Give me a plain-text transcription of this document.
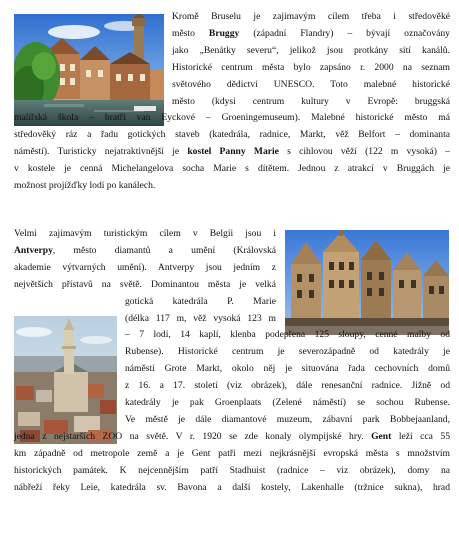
Kromě Bruselu je zajímavým cílem třeba i středověké
město Bruggy (západní Flandry) – bývají označovány
jako „Benátky severu“, jelikož jsou protkány sítí kanálů.
Historické centrum města bylo zapsáno r. 2000 na seznam
světového dědictví UNESCO. Toto malebné historické
město (kdysi centrum kultury v Evropě: bruggská
malířská škola – bratři van Eyckové – Groeningemuseum). Malebné historické město má
středověký ráz a řadu gotických staveb (katedrála, radnice, Markt, věž Belfort – dominanta
náměstí). Turisticky nejatraktivnější je kostel Panny Marie s cihlovou věží (122 m vysoká) –
v kostele je cenná Michelangelova socha Marie s dítětem. Jednou z atrakcí v Bruggách je
možnost projížďky lodí po kanálech.
Velmi zajímavým turistickým cílem v Belgii jsou i
Antverpy, město diamantů a umění (Královská
akademie výtvarných umění). Antverpy jsou jedním z
největších přístavů na světě. Dominantou města je velká
gotická katedrála P. Marie
(délka 117 m, věž vysoká 123 m
– 7 lodí, 14 kaplí, klenba podepřena 125 sloupy, cenné malby od
Rubense). Historické centrum je severozápadně od katedrály je
náměstí Grote Markt, okolo něj je situována řada cechovních domů
z 16. a 17. století (viz obrázek), dále renesanční radnice. Jižně od
katedrály je pak Groenplaats (Zelené náměstí) se sochou Rubense.
Ve městě je dále diamantové muzeum, zábavní park Bobbejaanland,
jedna z nejstarších ZOO na světě. V r. 1920 se zde konaly olympijské hry. Gent leží cca 55
km západně od metropole země a je Gent patří mezi nejkrásnější evropská města s množstvím
historických památek. K nejcennějším patří Stadhuist (radnice – viz obrázek), domy na
nábřeží řeky Leie, katedrála sv. Bavona a další kostely, Lakenhalle (tržnice sukna), hrad
